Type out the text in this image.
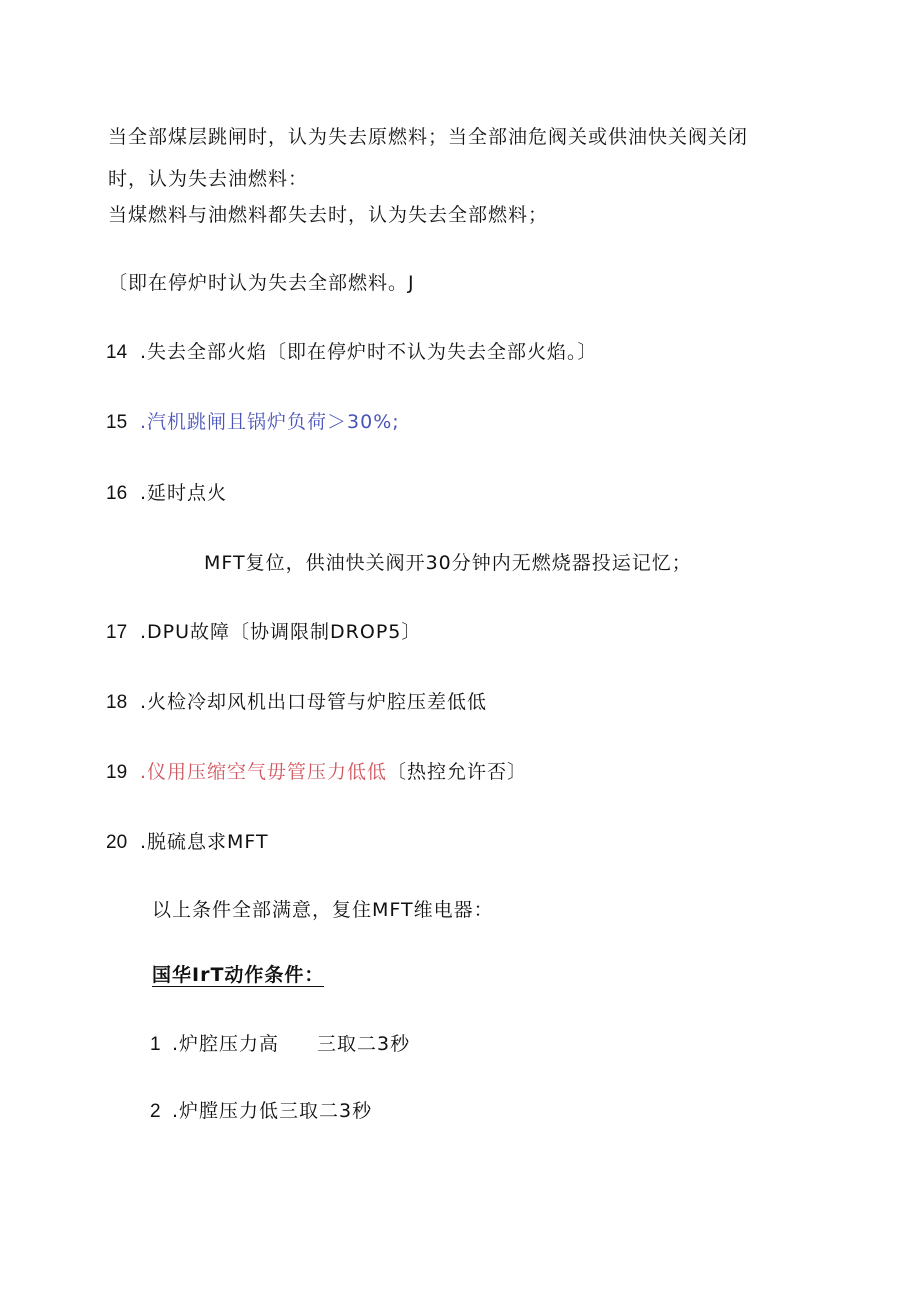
当全部煤层跳闸时，认为失去原燃料；当全部油危阀关或供油快关阀关闭
时，认为失去油燃料：
当煤燃料与油燃料都失去时，认为失去全部燃料；
〔即在停炉时认为失去全部燃料。J
14 .失去全部火焰〔即在停炉时不认为失去全部火焰。〕
15 .汽机跳闸且锅炉负荷＞30%;
16 .延时点火
MFT复位，供油快关阀开30分钟内无燃烧器投运记忆；
17 .DPU故障〔协调限制DROP5〕
18 .火检冷却风机出口母管与炉腔压差低低
19 .仪用压缩空气毋管压力低低〔热控允许否〕
20 .脱硫息求MFT
以上条件全部满意，复住MFT维电器：
国华IrT动作条件：
1 .炉腔压力高 三取二3秒
2 .炉膛压力低三取二3秒
